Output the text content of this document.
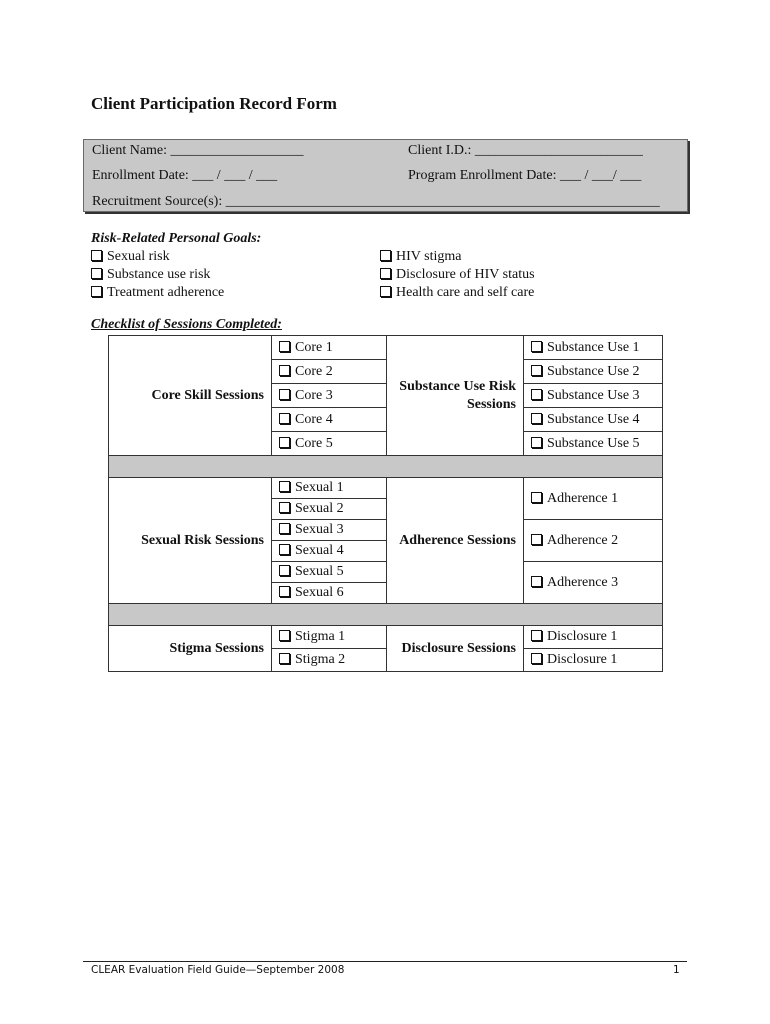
Client Participation Record Form
Client Name: ___________________	Client I.D.: ________________________
Enrollment Date: ___ / ___ / ___	Program Enrollment Date: ___ / ___/ ___
Recruitment Source(s): ______________________________________________________________
Risk-Related Personal Goals:
Sexual risk
Substance use risk
Treatment adherence
HIV stigma
Disclosure of HIV status
Health care and self care
Checklist of Sessions Completed:
Core Skill Sessions	Core 1	Substance Use Risk Sessions	Substance Use 1
	Core 2		Substance Use 2
	Core 3		Substance Use 3
	Core 4		Substance Use 4
	Core 5		Substance Use 5

Sexual Risk Sessions	Sexual 1	Adherence Sessions	Adherence 1
	Sexual 2		
	Sexual 3		Adherence 2
	Sexual 4		
	Sexual 5		Adherence 3
	Sexual 6		

Stigma Sessions	Stigma 1	Disclosure Sessions	Disclosure 1
	Stigma 2		Disclosure 1
CLEAR Evaluation Field Guide—September 2008	1
